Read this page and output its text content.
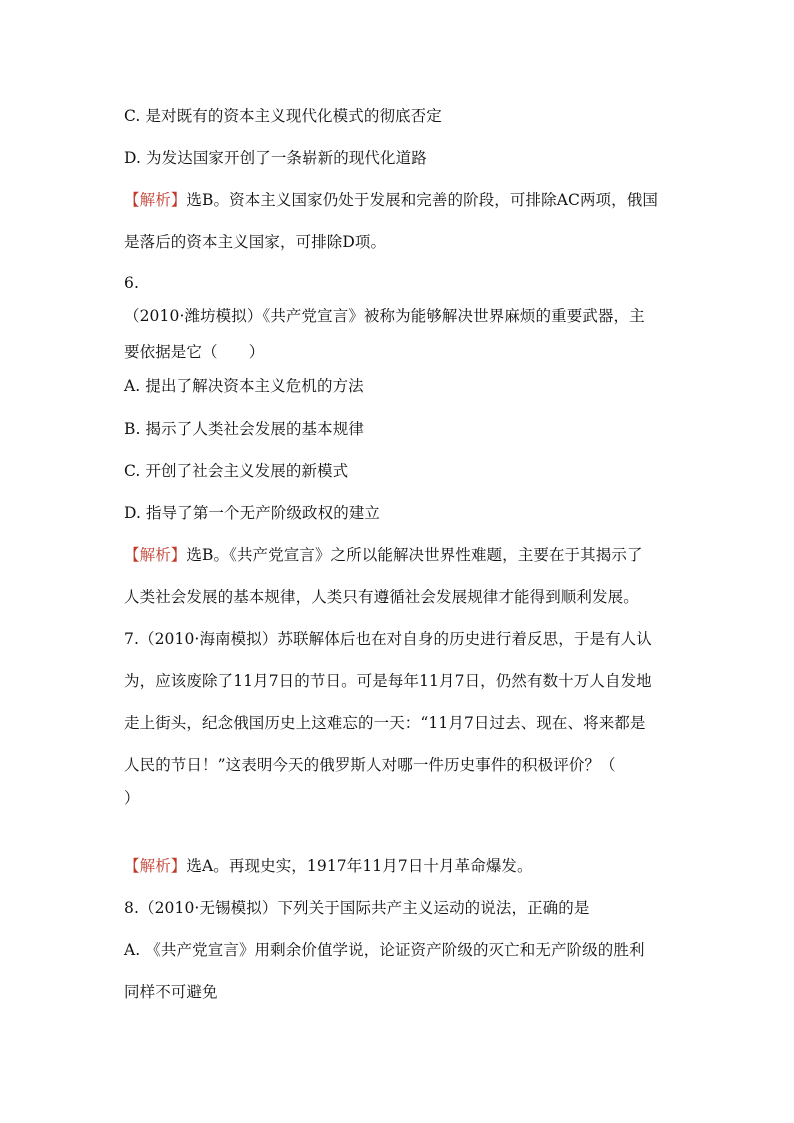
C. 是对既有的资本主义现代化模式的彻底否定
D. 为发达国家开创了一条崭新的现代化道路
【解析】选B。资本主义国家仍处于发展和完善的阶段，可排除AC两项，俄国
是落后的资本主义国家，可排除D项。
6.
（2010·潍坊模拟）《共产党宣言》被称为能够解决世界麻烦的重要武器，主
要依据是它（　　）
A. 提出了解决资本主义危机的方法
B. 揭示了人类社会发展的基本规律
C. 开创了社会主义发展的新模式
D. 指导了第一个无产阶级政权的建立
【解析】选B。《共产党宣言》之所以能解决世界性难题，主要在于其揭示了
人类社会发展的基本规律，人类只有遵循社会发展规律才能得到顺利发展。
7.（2010·海南模拟）苏联解体后也在对自身的历史进行着反思，于是有人认
为，应该废除了11月7日的节日。可是每年11月7日，仍然有数十万人自发地
走上街头，纪念俄国历史上这难忘的一天：“11月7日过去、现在、将来都是
人民的节日！”这表明今天的俄罗斯人对哪一件历史事件的积极评价？（
）
【解析】选A。再现史实，1917年11月7日十月革命爆发。
8.（2010·无锡模拟）下列关于国际共产主义运动的说法，正确的是
A. 《共产党宣言》用剩余价值学说，论证资产阶级的灭亡和无产阶级的胜利
同样不可避免
